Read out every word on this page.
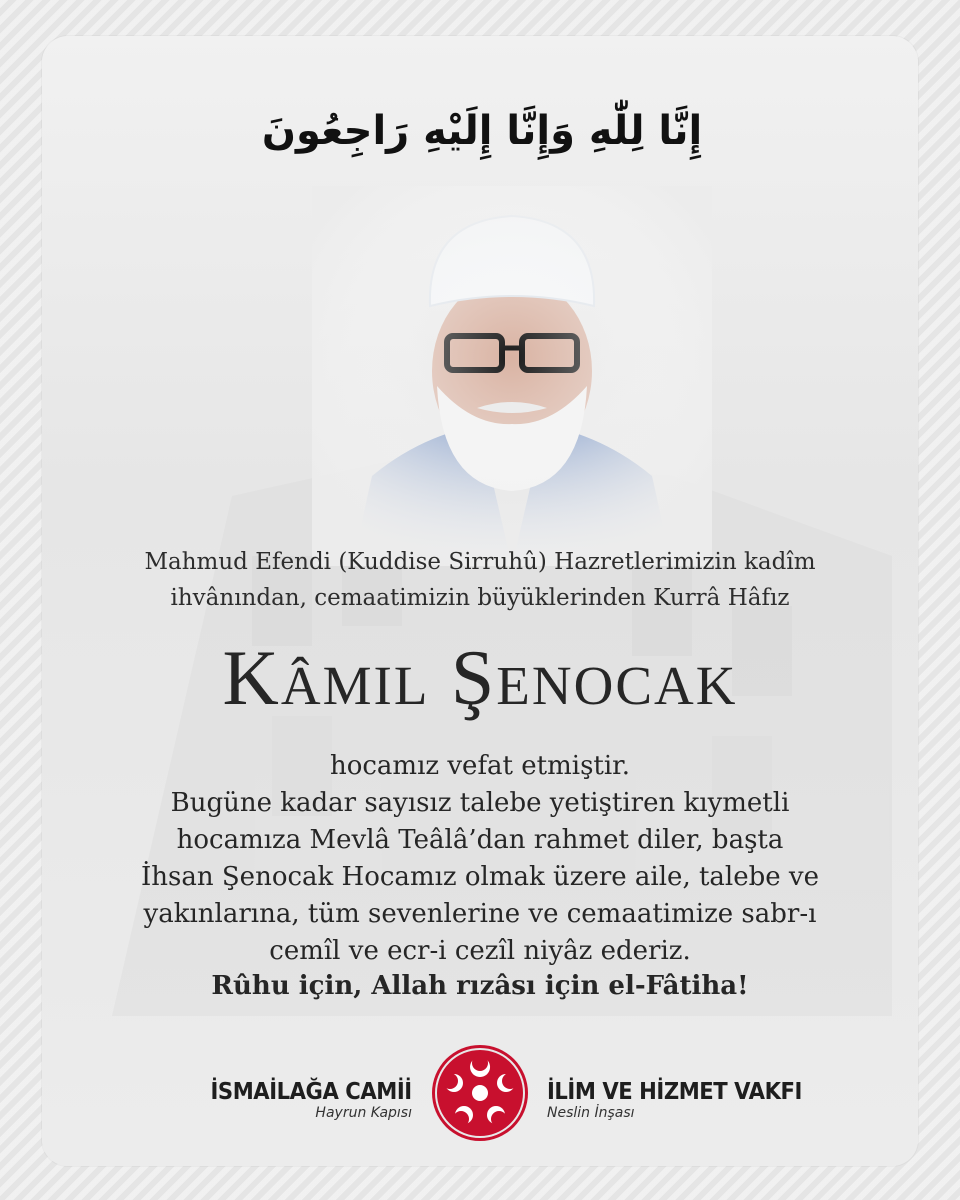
إِنَّا لِلّٰهِ وَإِنَّا إِلَيْهِ رَاجِعُونَ
Mahmud Efendi (Kuddise Sirruhû) Hazretlerimizin kadîm
ihvânından, cemaatimizin büyüklerinden Kurrâ Hâfız
Kâmil Şenocak
hocamız vefat etmiştir.
Bugüne kadar sayısız talebe yetiştiren kıymetli
hocamıza Mevlâ Teâlâ’dan rahmet diler, başta
İhsan Şenocak Hocamız olmak üzere aile, talebe ve
yakınlarına, tüm sevenlerine ve cemaatimize sabr-ı
cemîl ve ecr-i cezîl niyâz ederiz.
Rûhu için, Allah rızâsı için el-Fâtiha!
İSMAİLAĞA CAMİİ
Hayrun Kapısı
İLİM VE HİZMET VAKFI
Neslin İnşası
